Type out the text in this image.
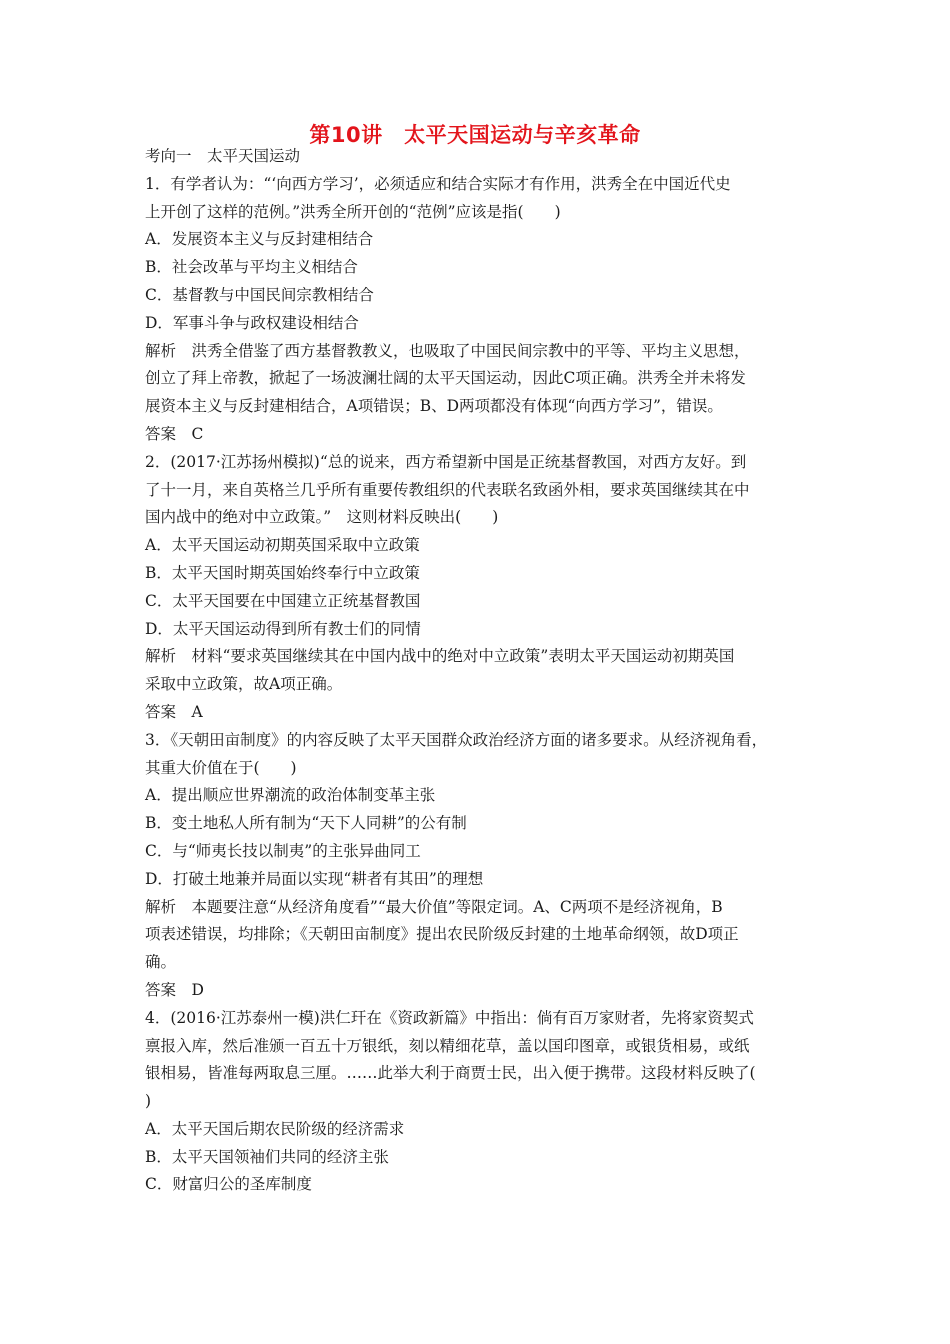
第10讲　太平天国运动与辛亥革命
考向一　太平天国运动
1．有学者认为：“‘向西方学习’，必须适应和结合实际才有作用，洪秀全在中国近代史
上开创了这样的范例。”洪秀全所开创的“范例”应该是指(　　)
A．发展资本主义与反封建相结合
B．社会改革与平均主义相结合
C．基督教与中国民间宗教相结合
D．军事斗争与政权建设相结合
解析　洪秀全借鉴了西方基督教教义，也吸取了中国民间宗教中的平等、平均主义思想，
创立了拜上帝教，掀起了一场波澜壮阔的太平天国运动，因此C项正确。洪秀全并未将发
展资本主义与反封建相结合，A项错误；B、D两项都没有体现“向西方学习”，错误。
答案　C
2．(2017·江苏扬州模拟)“总的说来，西方希望新中国是正统基督教国，对西方友好。到
了十一月，来自英格兰几乎所有重要传教组织的代表联名致函外相，要求英国继续其在中
国内战中的绝对中立政策。”　这则材料反映出(　　)
A．太平天国运动初期英国采取中立政策
B．太平天国时期英国始终奉行中立政策
C．太平天国要在中国建立正统基督教国
D．太平天国运动得到所有教士们的同情
解析　材料“要求英国继续其在中国内战中的绝对中立政策”表明太平天国运动初期英国
采取中立政策，故A项正确。
答案　A
3．《天朝田亩制度》的内容反映了太平天国群众政治经济方面的诸多要求。从经济视角看，
其重大价值在于(　　)
A．提出顺应世界潮流的政治体制变革主张
B．变土地私人所有制为“天下人同耕”的公有制
C．与“师夷长技以制夷”的主张异曲同工
D．打破土地兼并局面以实现“耕者有其田”的理想
解析　本题要注意“从经济角度看”“最大价值”等限定词。A、C两项不是经济视角，B
项表述错误，均排除；《天朝田亩制度》提出农民阶级反封建的土地革命纲领，故D项正
确。
答案　D
4．(2016·江苏泰州一模)洪仁玕在《资政新篇》中指出：倘有百万家财者，先将家资契式
禀报入库，然后准颁一百五十万银纸，刻以精细花草，盖以国印图章，或银货相易，或纸
银相易，皆准每两取息三厘。……此举大利于商贾士民，出入便于携带。这段材料反映了(
)
A．太平天国后期农民阶级的经济需求
B．太平天国领袖们共同的经济主张
C．财富归公的圣库制度
